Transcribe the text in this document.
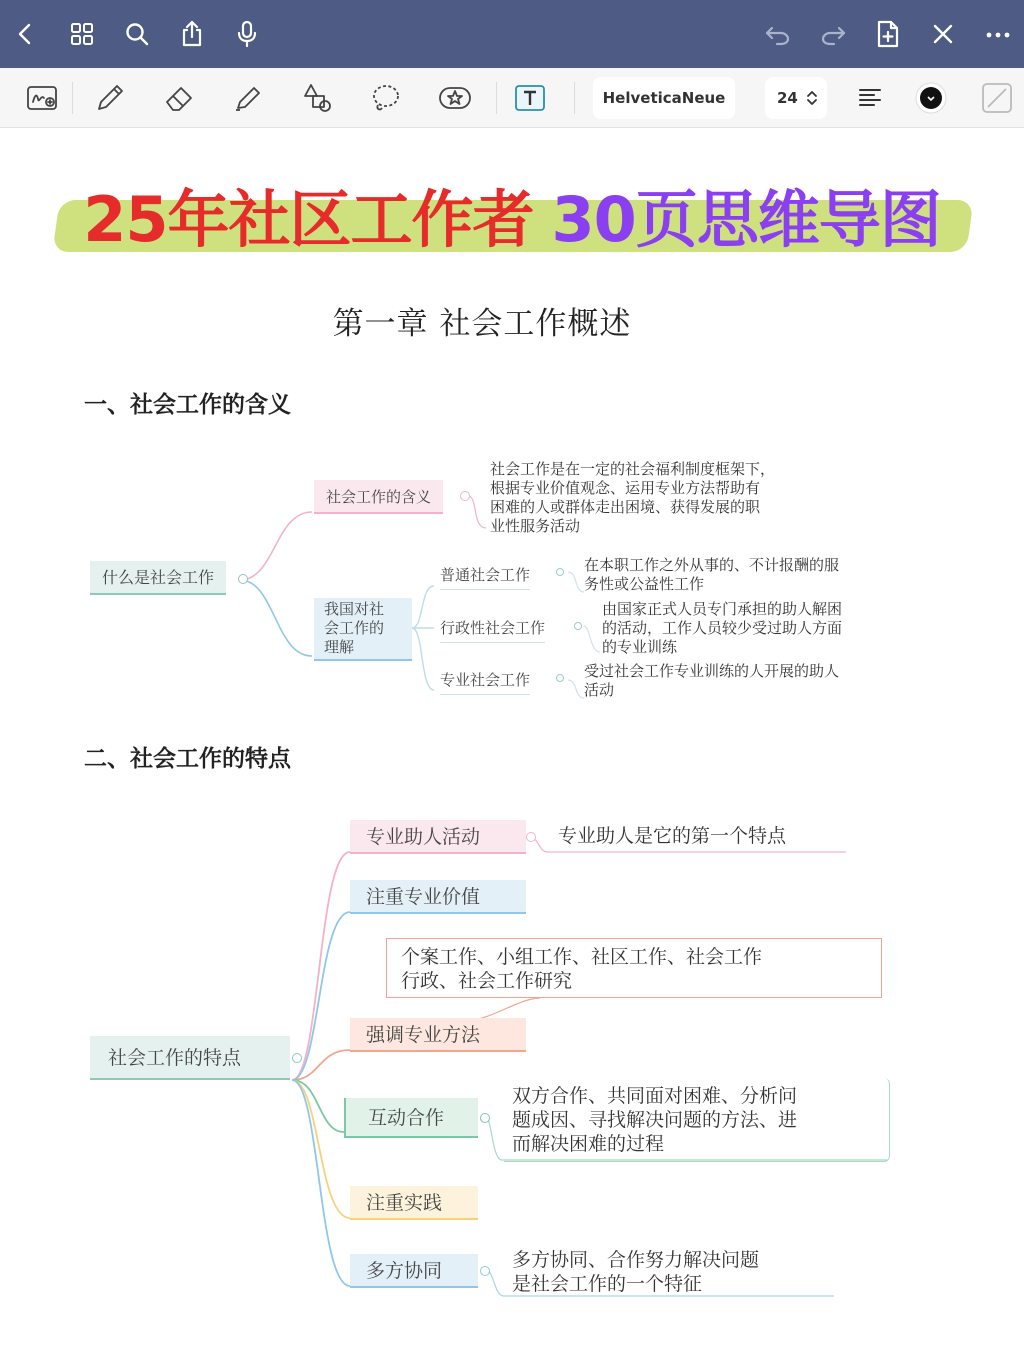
HelveticaNeue	24
25年社区工作者 30页思维导图
第一章 社会工作概述
一、社会工作的含义
什么是社会工作
社会工作的含义
社会工作是在一定的社会福利制度框架下，
根据专业价值观念、运用专业方法帮助有
困难的人或群体走出困境、获得发展的职
业性服务活动
我国对社
会工作的
理解
普通社会工作
在本职工作之外从事的、不计报酬的服
务性或公益性工作
行政性社会工作
由国家正式人员专门承担的助人解困
的活动，工作人员较少受过助人方面
的专业训练
专业社会工作	受过社会工作专业训练的人开展的助人
活动
二、社会工作的特点
社会工作的特点
专业助人活动	专业助人是它的第一个特点
注重专业价值
个案工作、小组工作、社区工作、社会工作
行政、社会工作研究
强调专业方法
互动合作
双方合作、共同面对困难、分析问
题成因、寻找解决问题的方法、进
而解决困难的过程
注重实践
多方协同	多方协同、合作努力解决问题
是社会工作的一个特征
